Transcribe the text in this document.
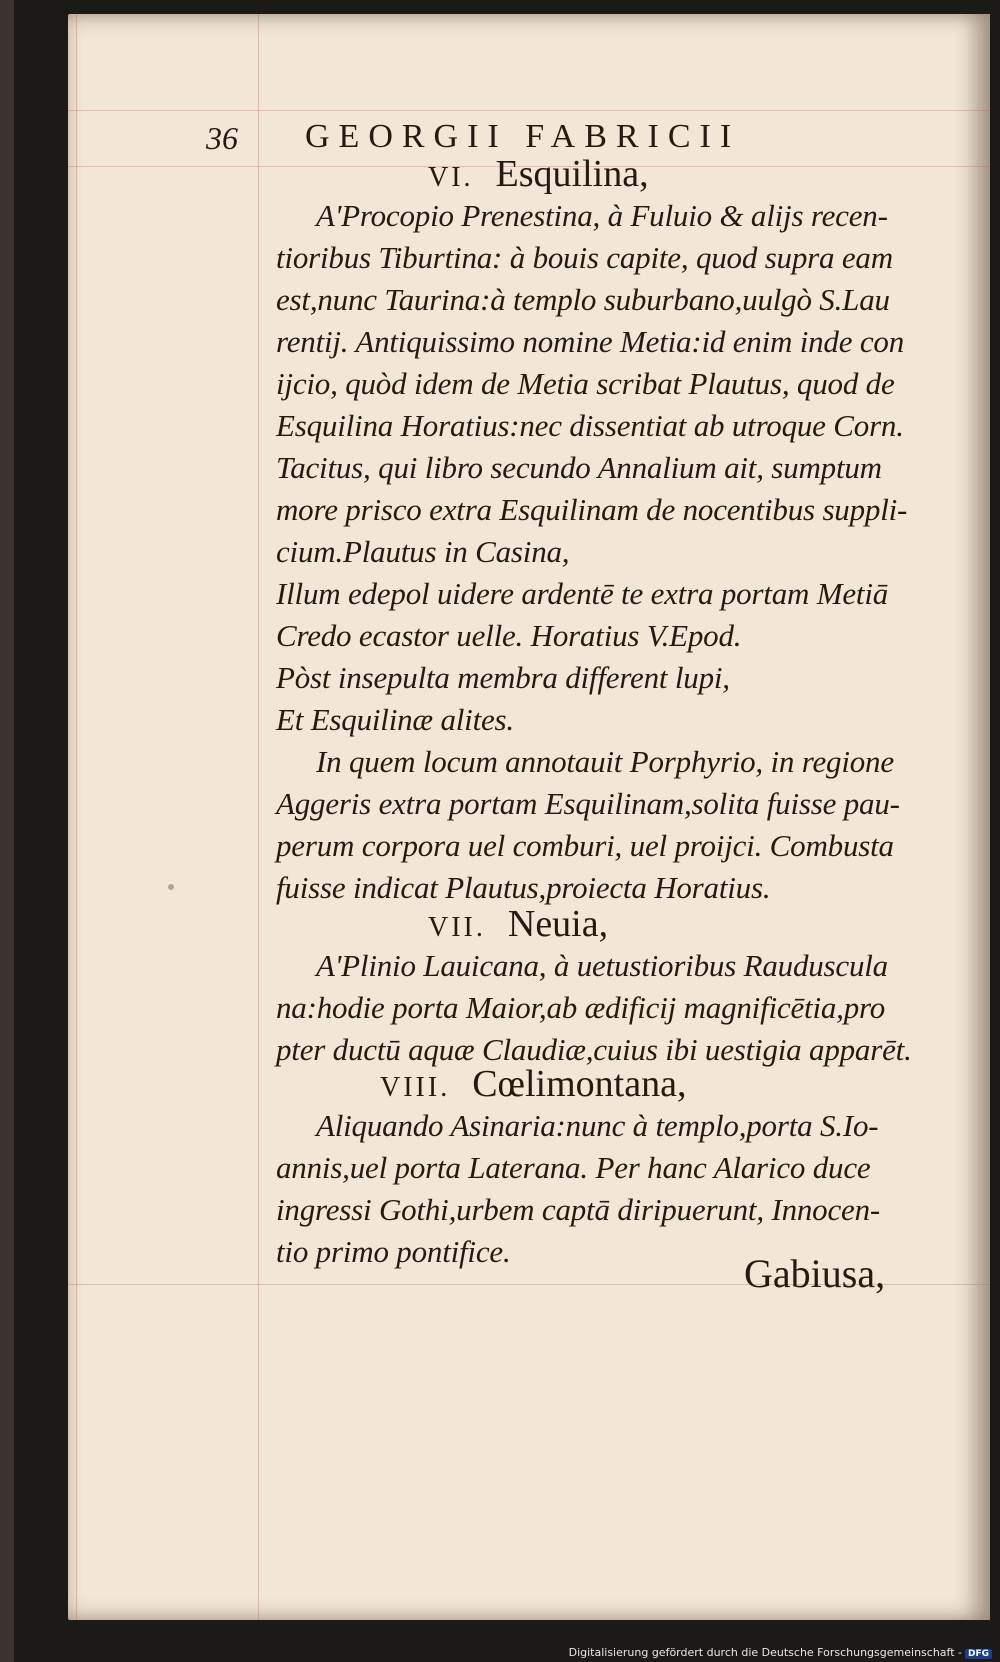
36 GEORGII FABRICII
VI. Esquilina,
A'Procopio Prenestina, à Fuluio & alijs recen-
tioribus Tiburtina: à bouis capite, quod supra eam
est,nunc Taurina:à templo suburbano,uulgò S.Lau
rentij. Antiquissimo nomine Metia:id enim inde con
ijcio, quòd idem de Metia scribat Plautus, quod de
Esquilina Horatius:nec dissentiat ab utroque Corn.
Tacitus, qui libro secundo Annalium ait, sumptum
more prisco extra Esquilinam de nocentibus suppli-
cium.Plautus in Casina,
Illum edepol uidere ardentē te extra portam Metiā
Credo ecastor uelle. Horatius V.Epod.
Pòst insepulta membra different lupi,
Et Esquilinæ alites.
In quem locum annotauit Porphyrio, in regione
Aggeris extra portam Esquilinam,solita fuisse pau-
perum corpora uel comburi, uel proijci. Combusta
fuisse indicat Plautus,proiecta Horatius.
VII. Neuia,
A'Plinio Lauicana, à uetustioribus Rauduscula
na:hodie porta Maior,ab ædificij magnificētia,pro
pter ductū aquæ Claudiæ,cuius ibi uestigia apparēt.
VIII. Cœlimontana,
Aliquando Asinaria:nunc à templo,porta S.Io-
annis,uel porta Laterana. Per hanc Alarico duce
ingressi Gothi,urbem captā diripuerunt, Innocen-
tio primo pontifice.	Gabiusa,
Digitalisierung gefördert durch die Deutsche Forschungsgemeinschaft - DFG
